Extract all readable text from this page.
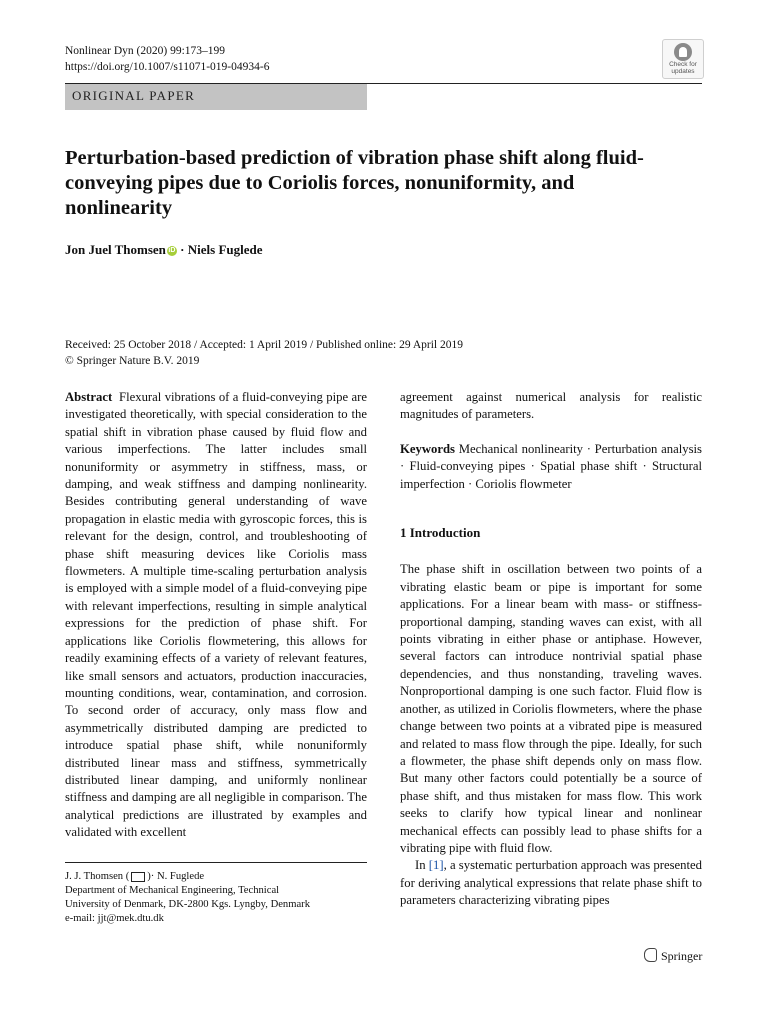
Nonlinear Dyn (2020) 99:173–199
https://doi.org/10.1007/s11071-019-04934-6	Check for
updates
ORIGINAL PAPER
Perturbation-based prediction of vibration phase shift along fluid-conveying pipes due to Coriolis forces, nonuniformity, and nonlinearity
Jon Juel Thomsen iD · Niels Fuglede
Received: 25 October 2018 / Accepted: 1 April 2019 / Published online: 29 April 2019
© Springer Nature B.V. 2019
Abstract Flexural vibrations of a fluid-conveying pipe are investigated theoretically, with special consideration to the spatial shift in vibration phase caused by fluid flow and various imperfections. The latter includes small nonuniformity or asymmetry in stiffness, mass, or damping, and weak stiffness and damping nonlinearity. Besides contributing general understanding of wave propagation in elastic media with gyroscopic forces, this is relevant for the design, control, and troubleshooting of phase shift measuring devices like Coriolis mass flowmeters. A multiple time-scaling perturbation analysis is employed with a simple model of a fluid-conveying pipe with relevant imperfections, resulting in simple analytical expressions for the prediction of phase shift. For applications like Coriolis flowmetering, this allows for readily examining effects of a variety of relevant features, like small sensors and actuators, production inaccuracies, mounting conditions, wear, contamination, and corrosion. To second order of accuracy, only mass flow and asymmetrically distributed damping are predicted to introduce spatial phase shift, while nonuniformly distributed linear mass and stiffness, symmetrically distributed linear damping, and uniformly nonlinear stiffness and damping are all negligible in comparison. The analytical predictions are illustrated by examples and validated with excellent
agreement against numerical analysis for realistic magnitudes of parameters.
Keywords Mechanical nonlinearity · Perturbation analysis · Fluid-conveying pipes · Spatial phase shift · Structural imperfection · Coriolis flowmeter
1 Introduction
The phase shift in oscillation between two points of a vibrating elastic beam or pipe is important for some applications. For a linear beam with mass- or stiffness-proportional damping, standing waves can exist, with all points vibrating in either phase or antiphase. However, several factors can introduce nontrivial spatial phase dependencies, and thus nonstanding, traveling waves. Nonproportional damping is one such factor. Fluid flow is another, as utilized in Coriolis flowmeters, where the phase change between two points at a vibrated pipe is measured and related to mass flow through the pipe. Ideally, for such a flowmeter, the phase shift depends only on mass flow. But many other factors could potentially be a source of phase shift, and thus mistaken for mass flow. This work seeks to clarify how typical linear and nonlinear mechanical effects can possibly lead to phase shifts for a vibrating pipe with fluid flow.
In [1], a systematic perturbation approach was presented for deriving analytical expressions that relate phase shift to parameters characterizing vibrating pipes
J. J. Thomsen ( )· N. Fuglede
Department of Mechanical Engineering, Technical
University of Denmark, DK-2800 Kgs. Lyngby, Denmark
e-mail: jjt@mek.dtu.dk
Springer
